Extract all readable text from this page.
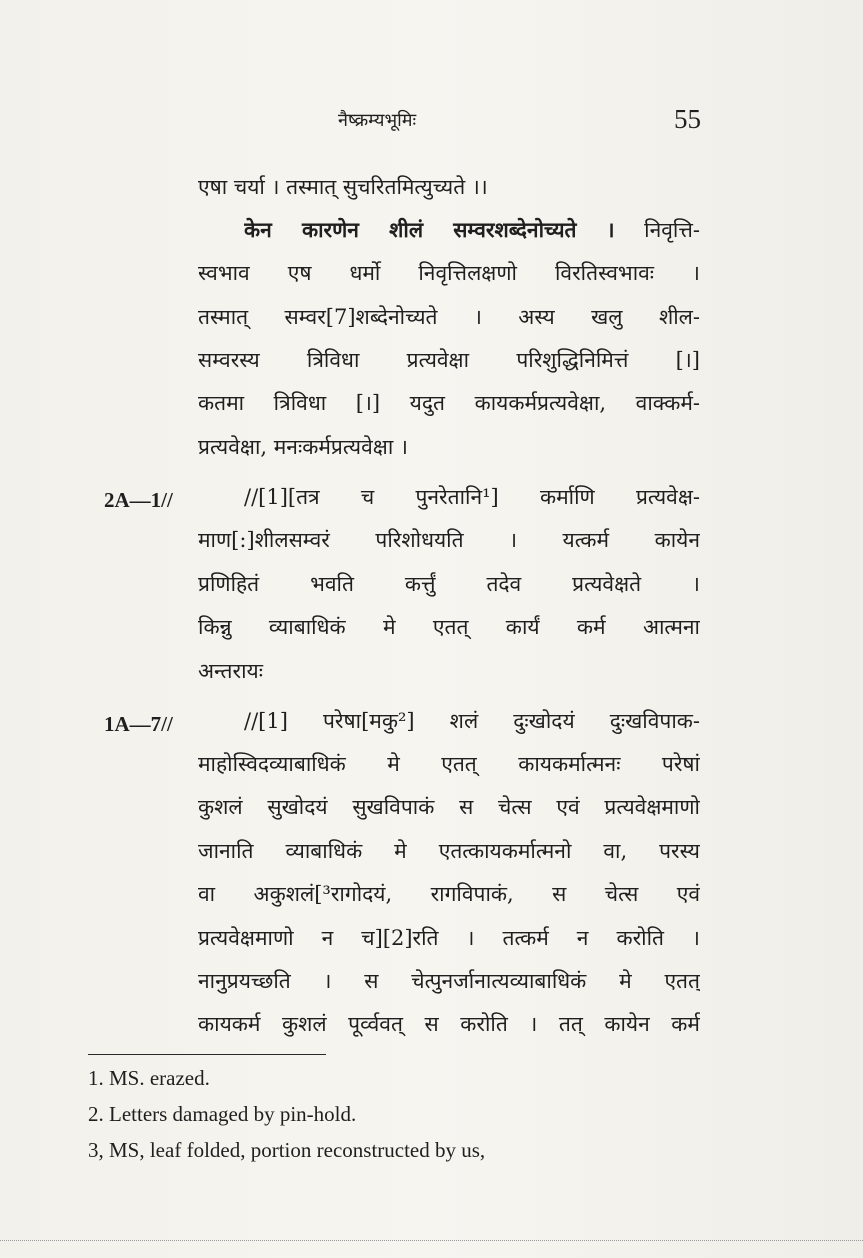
नैष्क्रम्यभूमिः	55
एषा चर्या । तस्मात् सुचरितमित्युच्यते ।।
केन कारणेन शीलं सम्वरशब्देनोच्यते । निवृत्ति-
स्वभाव एष धर्मो निवृत्तिलक्षणो विरतिस्वभावः ।
तस्मात् सम्वर[7]शब्देनोच्यते । अस्य खलु शील-
सम्वरस्य त्रिविधा प्रत्यवेक्षा परिशुद्धिनिमित्तं [।]
कतमा त्रिविधा [।] यदुत कायकर्मप्रत्यवेक्षा, वाक्कर्म-
प्रत्यवेक्षा, मनःकर्मप्रत्यवेक्षा ।
2A—1//	//[1][तत्र च पुनरेतानि¹] कर्माणि प्रत्यवेक्ष-
माण[:]शीलसम्वरं परिशोधयति । यत्कर्म कायेन
प्रणिहितं भवति कर्त्तुं तदेव प्रत्यवेक्षते ।
किन्नु व्याबाधिकं मे एतत् कार्यं कर्म आत्मना
अन्तरायः
1A—7//	//[1] परेषा[मकु²] शलं दुःखोदयं दुःखविपाक-
माहोस्विदव्याबाधिकं मे एतत् कायकर्मात्मनः परेषां
कुशलं सुखोदयं सुखविपाकं स चेत्स एवं प्रत्यवेक्षमाणो
जानाति व्याबाधिकं मे एतत्कायकर्मात्मनो वा, परस्य
वा अकुशलं[³रागोदयं, रागविपाकं, स चेत्स एवं
प्रत्यवेक्षमाणो न च][2]रति । तत्कर्म न करोति ।
नानुप्रयच्छति । स चेत्पुनर्जानात्यव्याबाधिकं मे एतत्
कायकर्म कुशलं पूर्व्ववत् स करोति । तत् कायेन कर्म
1. MS. erazed.
2. Letters damaged by pin-hold.
3, MS, leaf folded, portion reconstructed by us,
